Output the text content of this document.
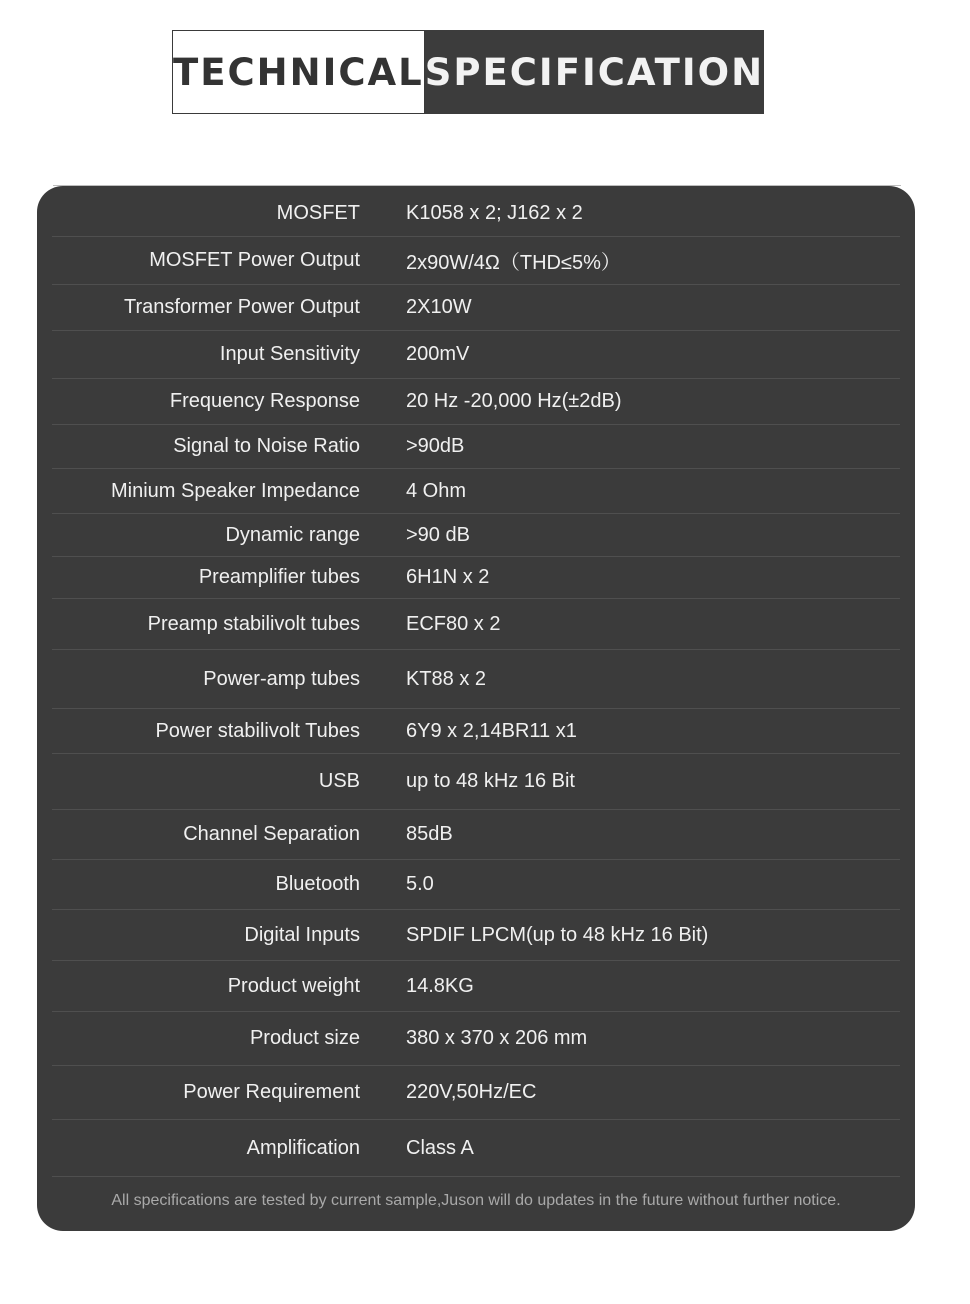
TECHNICAL SPECIFICATION
MOSFET K1058 x 2; J162 x 2
MOSFET Power Output 2x90W/4Ω（THD≤5%）
Transformer Power Output 2X10W
Input Sensitivity 200mV
Frequency Response 20 Hz -20,000 Hz(±2dB)
Signal to Noise Ratio >90dB
Minium Speaker Impedance 4 Ohm
Dynamic range >90 dB
Preamplifier tubes 6H1N x 2
Preamp stabilivolt tubes ECF80 x 2
Power-amp tubes KT88 x 2
Power stabilivolt Tubes 6Y9 x 2,14BR11 x1
USB up to 48 kHz 16 Bit
Channel Separation 85dB
Bluetooth 5.0
Digital Inputs SPDIF LPCM(up to 48 kHz 16 Bit)
Product weight 14.8KG
Product size 380 x 370 x 206 mm
Power Requirement 220V,50Hz/EC
Amplification Class A
All specifications are tested by current sample,Juson will do updates in the future without further notice.
